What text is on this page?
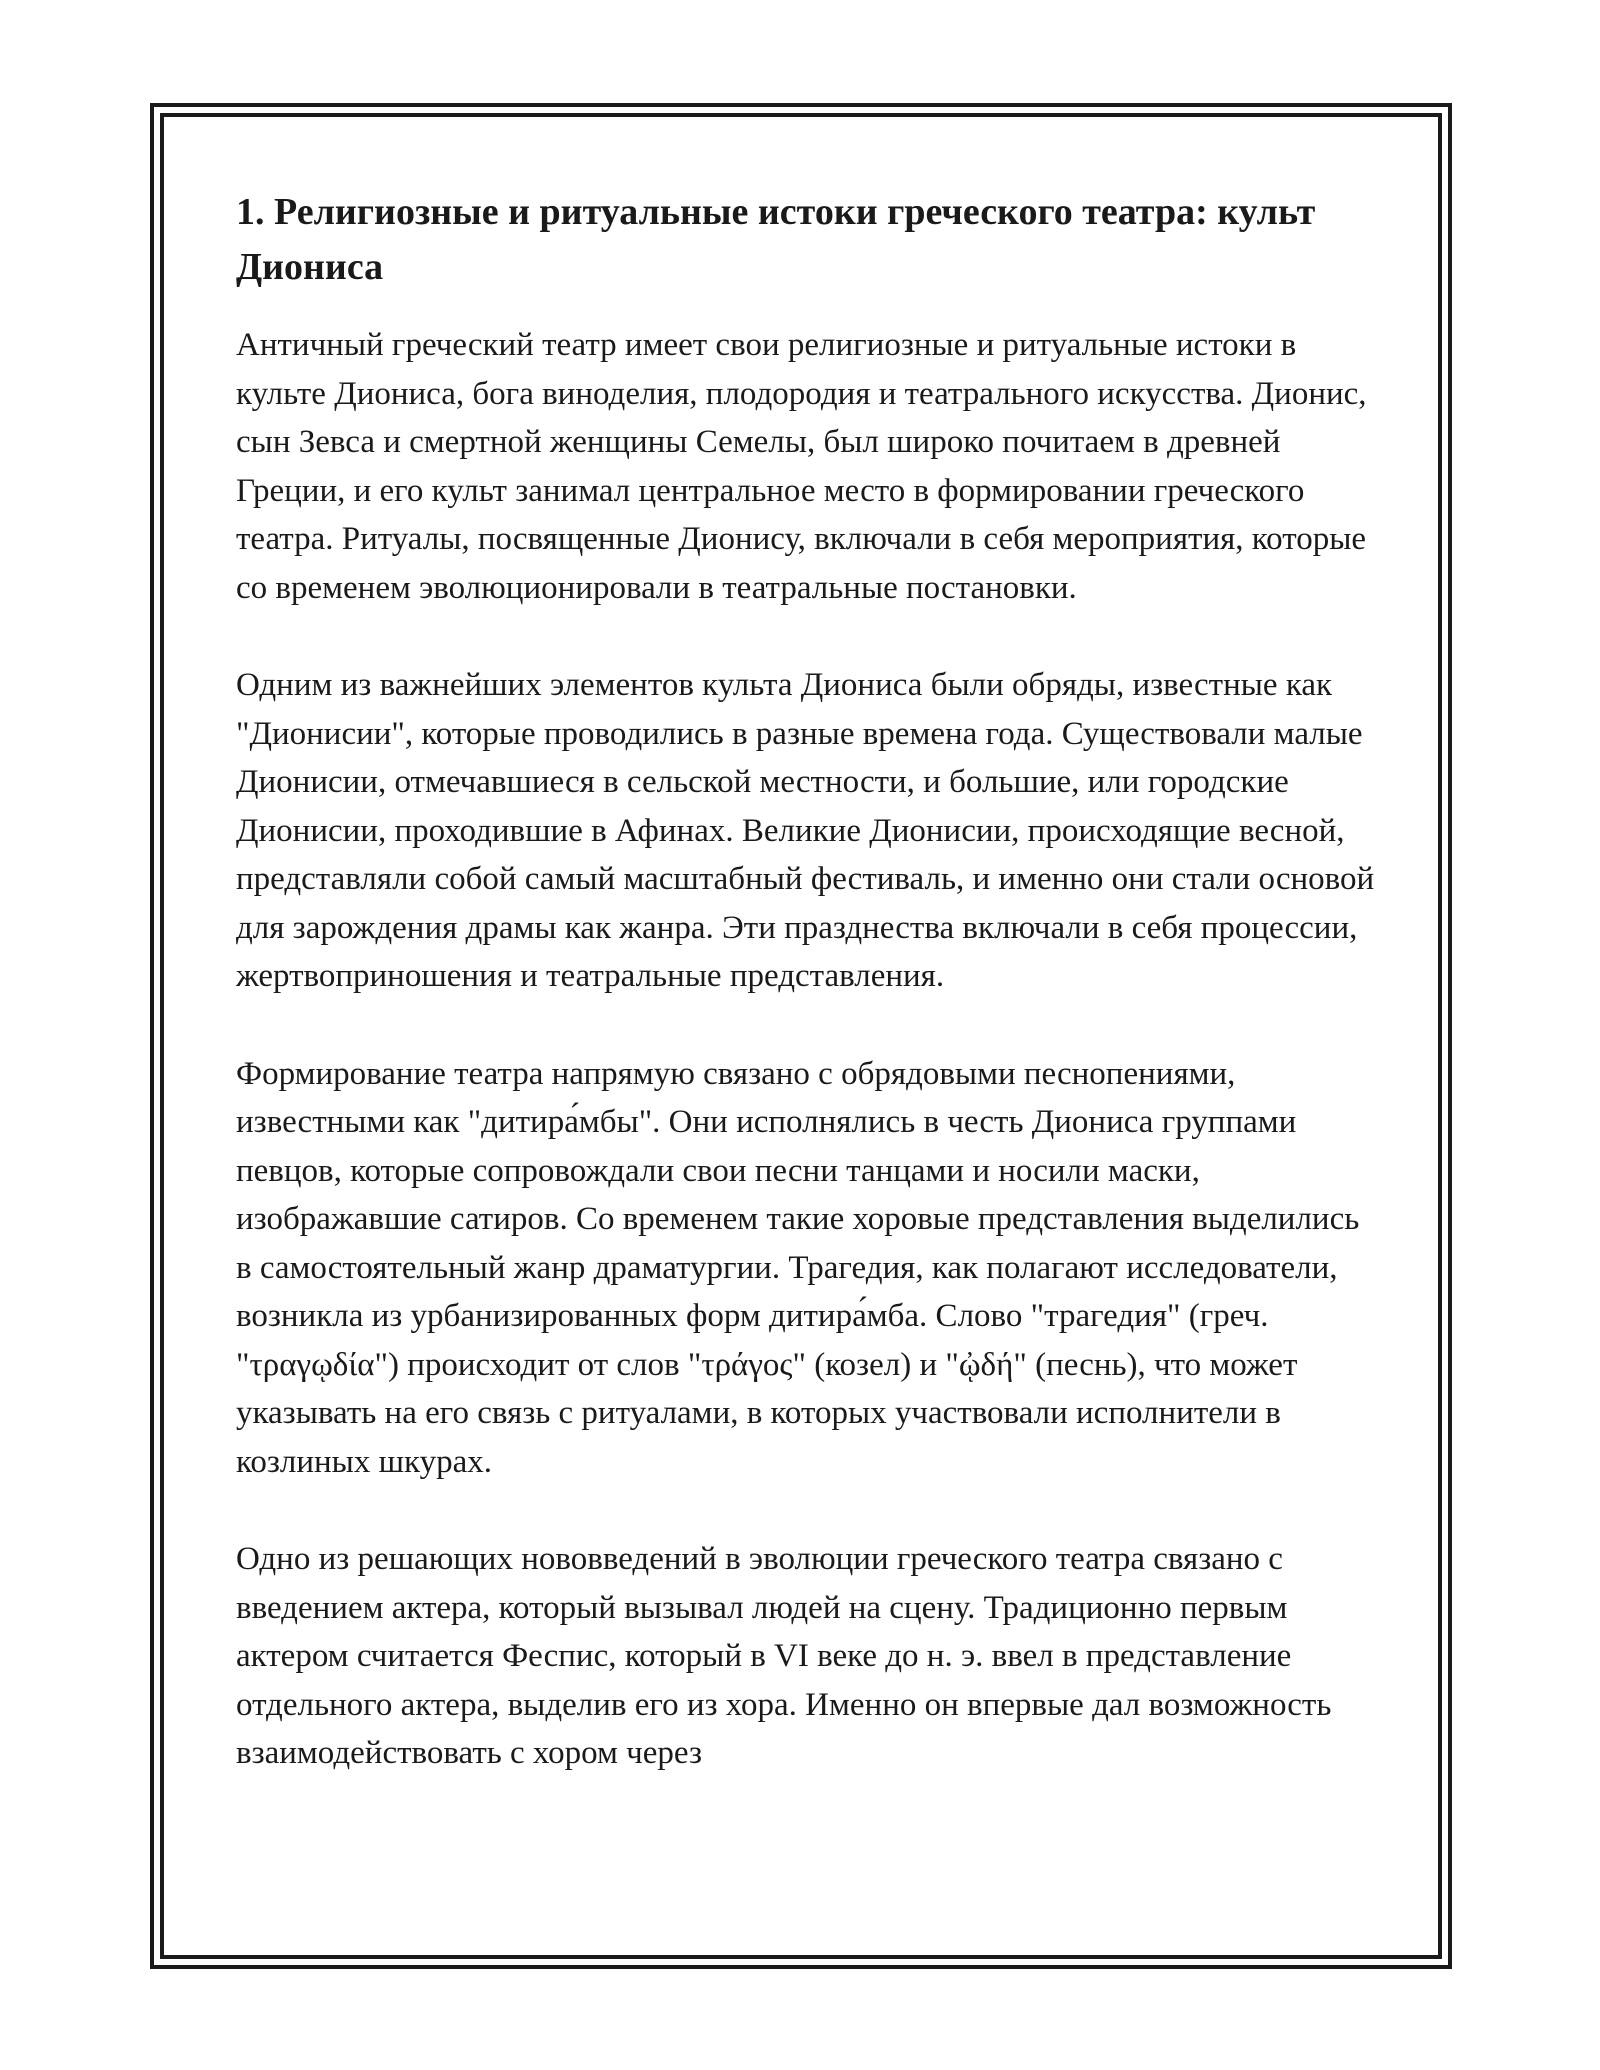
1. Религиозные и ритуальные истоки греческого театра: культ Диониса

Античный греческий театр имеет свои религиозные и ритуальные истоки в культе Диониса, бога виноделия, плодородия и театрального искусства. Дионис, сын Зевса и смертной женщины Семелы, был широко почитаем в древней Греции, и его культ занимал центральное место в формировании греческого театра. Ритуалы, посвященные Дионису, включали в себя мероприятия, которые со временем эволюционировали в театральные постановки.

Одним из важнейших элементов культа Диониса были обряды, известные как "Дионисии", которые проводились в разные времена года. Существовали малые Дионисии, отмечавшиеся в сельской местности, и большие, или городские Дионисии, проходившие в Афинах. Великие Дионисии, происходящие весной, представляли собой самый масштабный фестиваль, и именно они стали основой для зарождения драмы как жанра. Эти празднества включали в себя процессии, жертвоприношения и театральные представления.

Формирование театра напрямую связано с обрядовыми песнопениями, известными как "дитира́мбы". Они исполнялись в честь Диониса группами певцов, которые сопровождали свои песни танцами и носили маски, изображавшие сатиров. Со временем такие хоровые представления выделились в самостоятельный жанр драматургии. Трагедия, как полагают исследователи, возникла из урбанизированных форм дитира́мба. Слово "трагедия" (греч. "τραγῳδία") происходит от слов "τράγος" (козел) и "ᾠδή" (песнь), что может указывать на его связь с ритуалами, в которых участвовали исполнители в козлиных шкурах.

Одно из решающих нововведений в эволюции греческого театра связано с введением актера, который вызывал людей на сцену. Традиционно первым актером считается Феспис, который в VI веке до н. э. ввел в представление отдельного актера, выделив его из хора. Именно он впервые дал возможность взаимодействовать с хором через
